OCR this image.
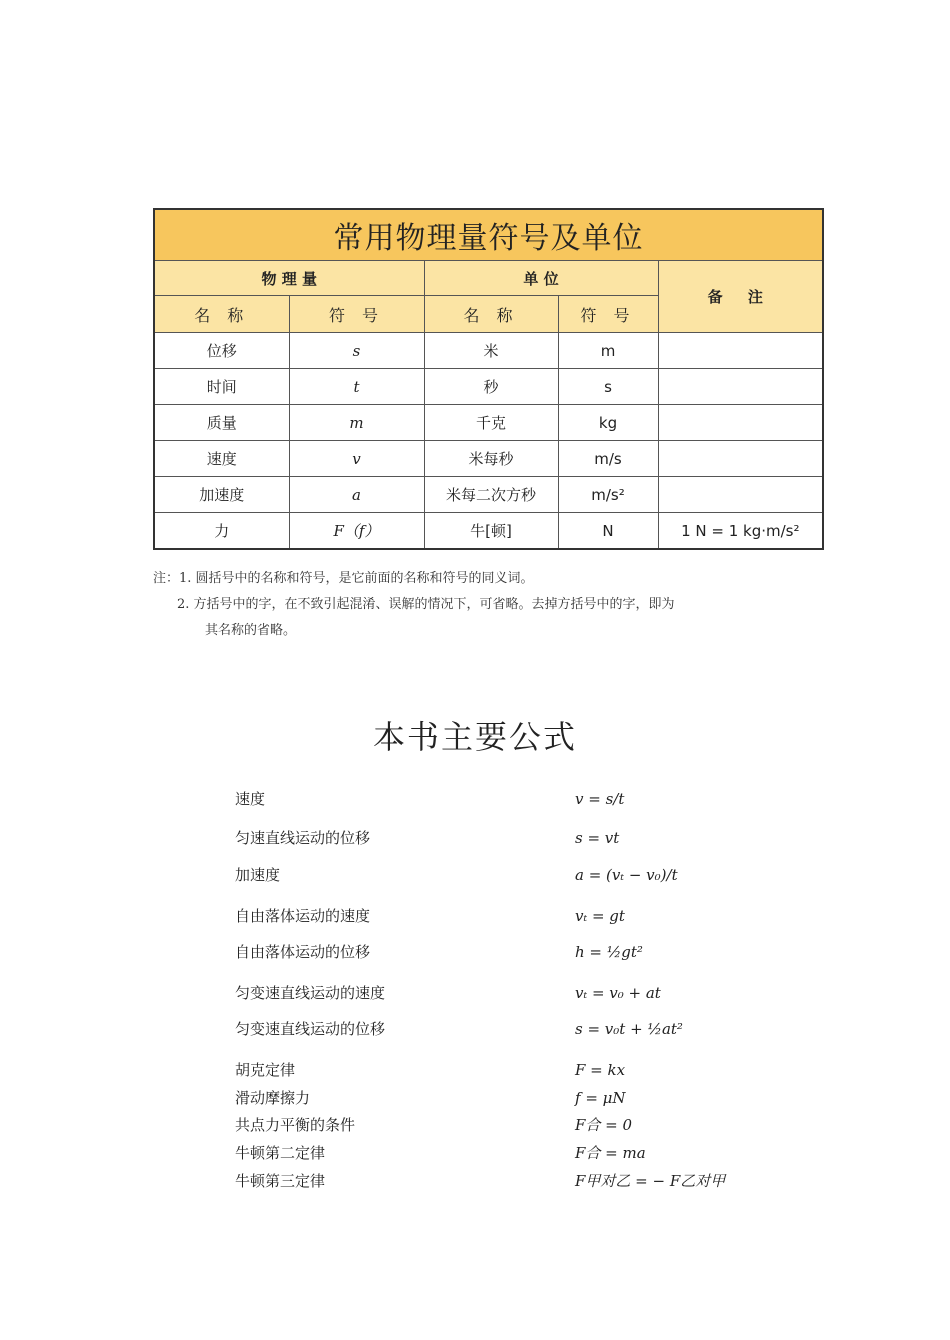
常用物理量符号及单位				
物 理 量		单 位		备 注
名 称	符 号	名 称	符 号	
位移	s	米	m	
时间	t	秒	s	
质量	m	千克	kg	
速度	v	米每秒	m/s	
加速度	a	米每二次方秒	m/s²	
力	F（f）	牛[顿]	N	1 N = 1 kg·m/s²
注：1. 圆括号中的名称和符号，是它前面的名称和符号的同义词。
2. 方括号中的字，在不致引起混淆、误解的情况下，可省略。去掉方括号中的字，即为
其名称的省略。
本书主要公式
速度	v = s/t
匀速直线运动的位移	s = vt
加速度	a = (vₜ − v₀)/t
自由落体运动的速度	vₜ = gt
自由落体运动的位移	h = ½gt²
匀变速直线运动的速度	vₜ = v₀ + at
匀变速直线运动的位移	s = v₀t + ½at²
胡克定律	F = kx
滑动摩擦力	f = μN
共点力平衡的条件	F合 = 0
牛顿第二定律	F合 = ma
牛顿第三定律	F甲对乙 = − F乙对甲
